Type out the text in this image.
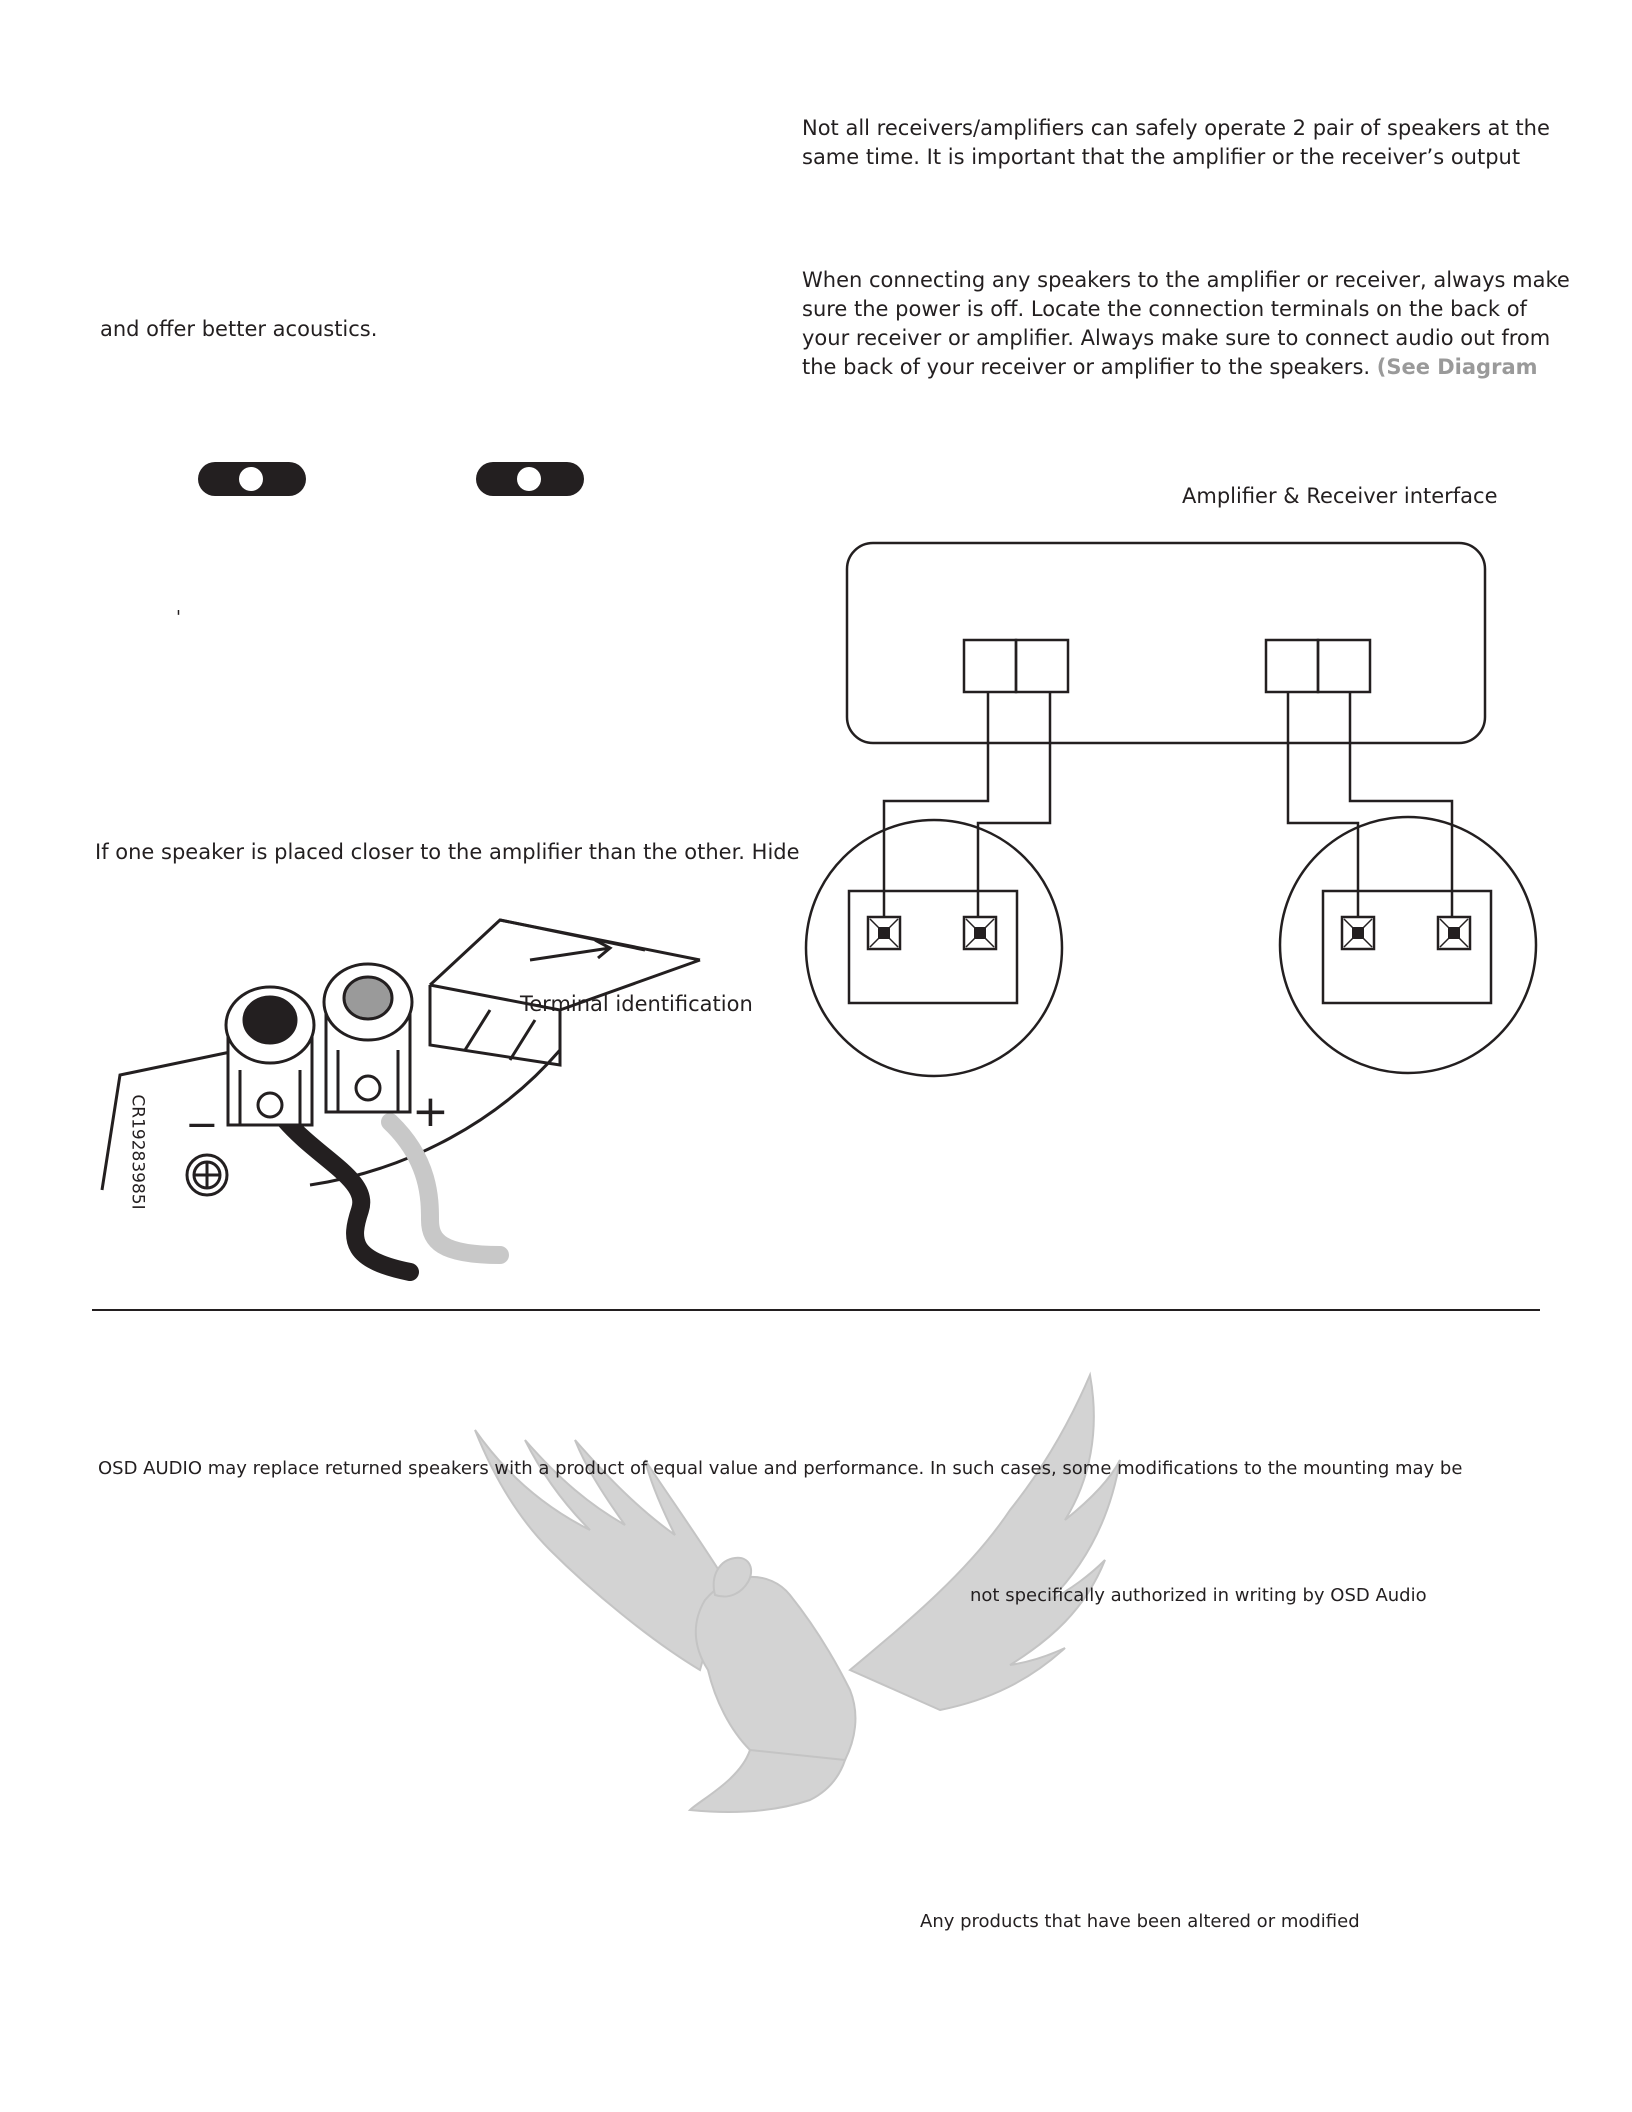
Not all receivers/amplifiers can safely operate 2 pair of speakers at the
same time. It is important that the amplifier or the receiver’s output
When connecting any speakers to the amplifier or receiver, always make
sure the power is off. Locate the connection terminals on the back of
your receiver or amplifier. Always make sure to connect audio out from
the back of your receiver or amplifier to the speakers. (See Diagram
and offer better acoustics.
'
If one speaker is placed closer to the amplifier than the other. Hide
Amplifier & Receiver interface
Terminal identification
−	+
CR19283985I
OSD AUDIO may replace returned speakers with a product of equal value and performance. In such cases, some modifications to the mounting may be
not specifically authorized in writing by OSD Audio
Any products that have been altered or modified
